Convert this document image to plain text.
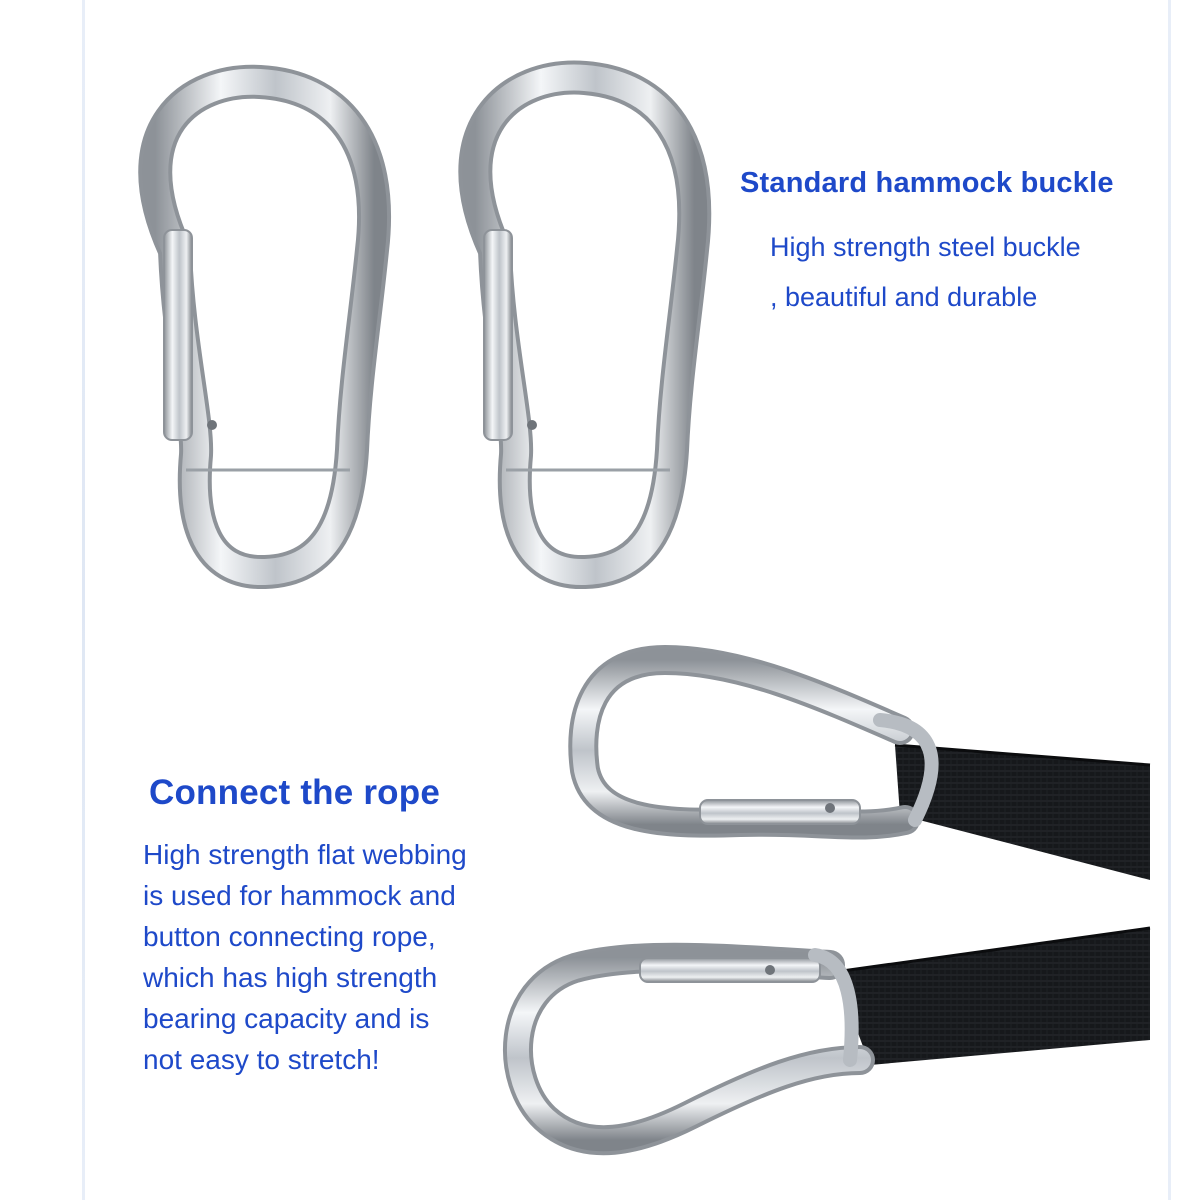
Standard hammock buckle

High strength steel buckle

, beautiful and durable

Connect the rope

High strength flat webbing

is used for hammock and

button connecting rope,

which has high strength

bearing capacity and is

not easy to stretch!
